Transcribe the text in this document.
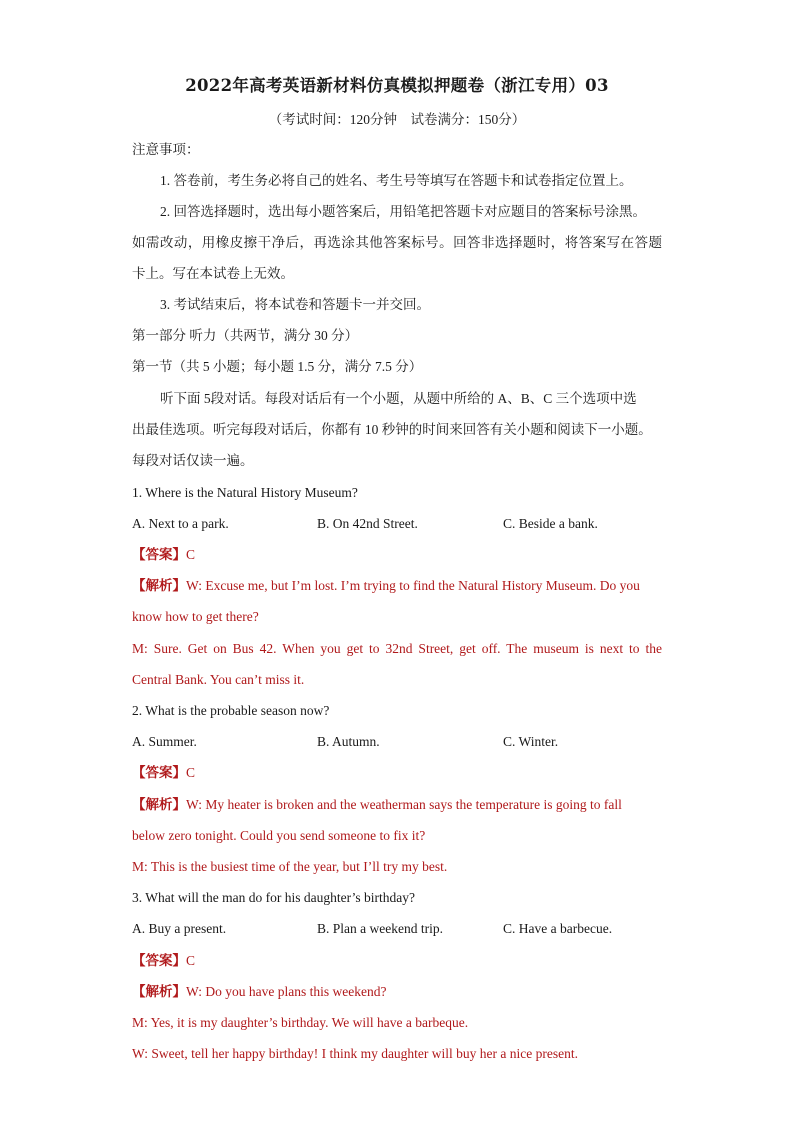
2022年高考英语新材料仿真模拟押题卷（浙江专用）03
（考试时间：120分钟　试卷满分：150分）
注意事项：
1. 答卷前，考生务必将自己的姓名、考生号等填写在答题卡和试卷指定位置上。
2. 回答选择题时，选出每小题答案后，用铅笔把答题卡对应题目的答案标号涂黑。
如需改动，用橡皮擦干净后，再选涂其他答案标号。回答非选择题时，将答案写在答题
卡上。写在本试卷上无效。
3. 考试结束后，将本试卷和答题卡一并交回。
第一部分 听力（共两节，满分 30 分）
第一节（共 5 小题；每小题 1.5 分，满分 7.5 分）
听下面 5段对话。每段对话后有一个小题，从题中所给的 A、B、C 三个选项中选
出最佳选项。听完每段对话后，你都有 10 秒钟的时间来回答有关小题和阅读下一小题。
每段对话仅读一遍。
1. Where is the Natural History Museum?
A. Next to a park.	B. On 42nd Street.	C. Beside a bank.
【答案】C
【解析】W: Excuse me, but I’m lost. I’m trying to find the Natural History Museum. Do you
know how to get there?
M: Sure. Get on Bus 42. When you get to 32nd Street, get off. The museum is next to the
Central Bank. You can’t miss it.
2. What is the probable season now?
A. Summer.	B. Autumn.	C. Winter.
【答案】C
【解析】W: My heater is broken and the weatherman says the temperature is going to fall
below zero tonight. Could you send someone to fix it?
M: This is the busiest time of the year, but I’ll try my best.
3. What will the man do for his daughter’s birthday?
A. Buy a present.	B. Plan a weekend trip.	C. Have a barbecue.
【答案】C
【解析】W: Do you have plans this weekend?
M: Yes, it is my daughter’s birthday. We will have a barbeque.
W: Sweet, tell her happy birthday! I think my daughter will buy her a nice present.
